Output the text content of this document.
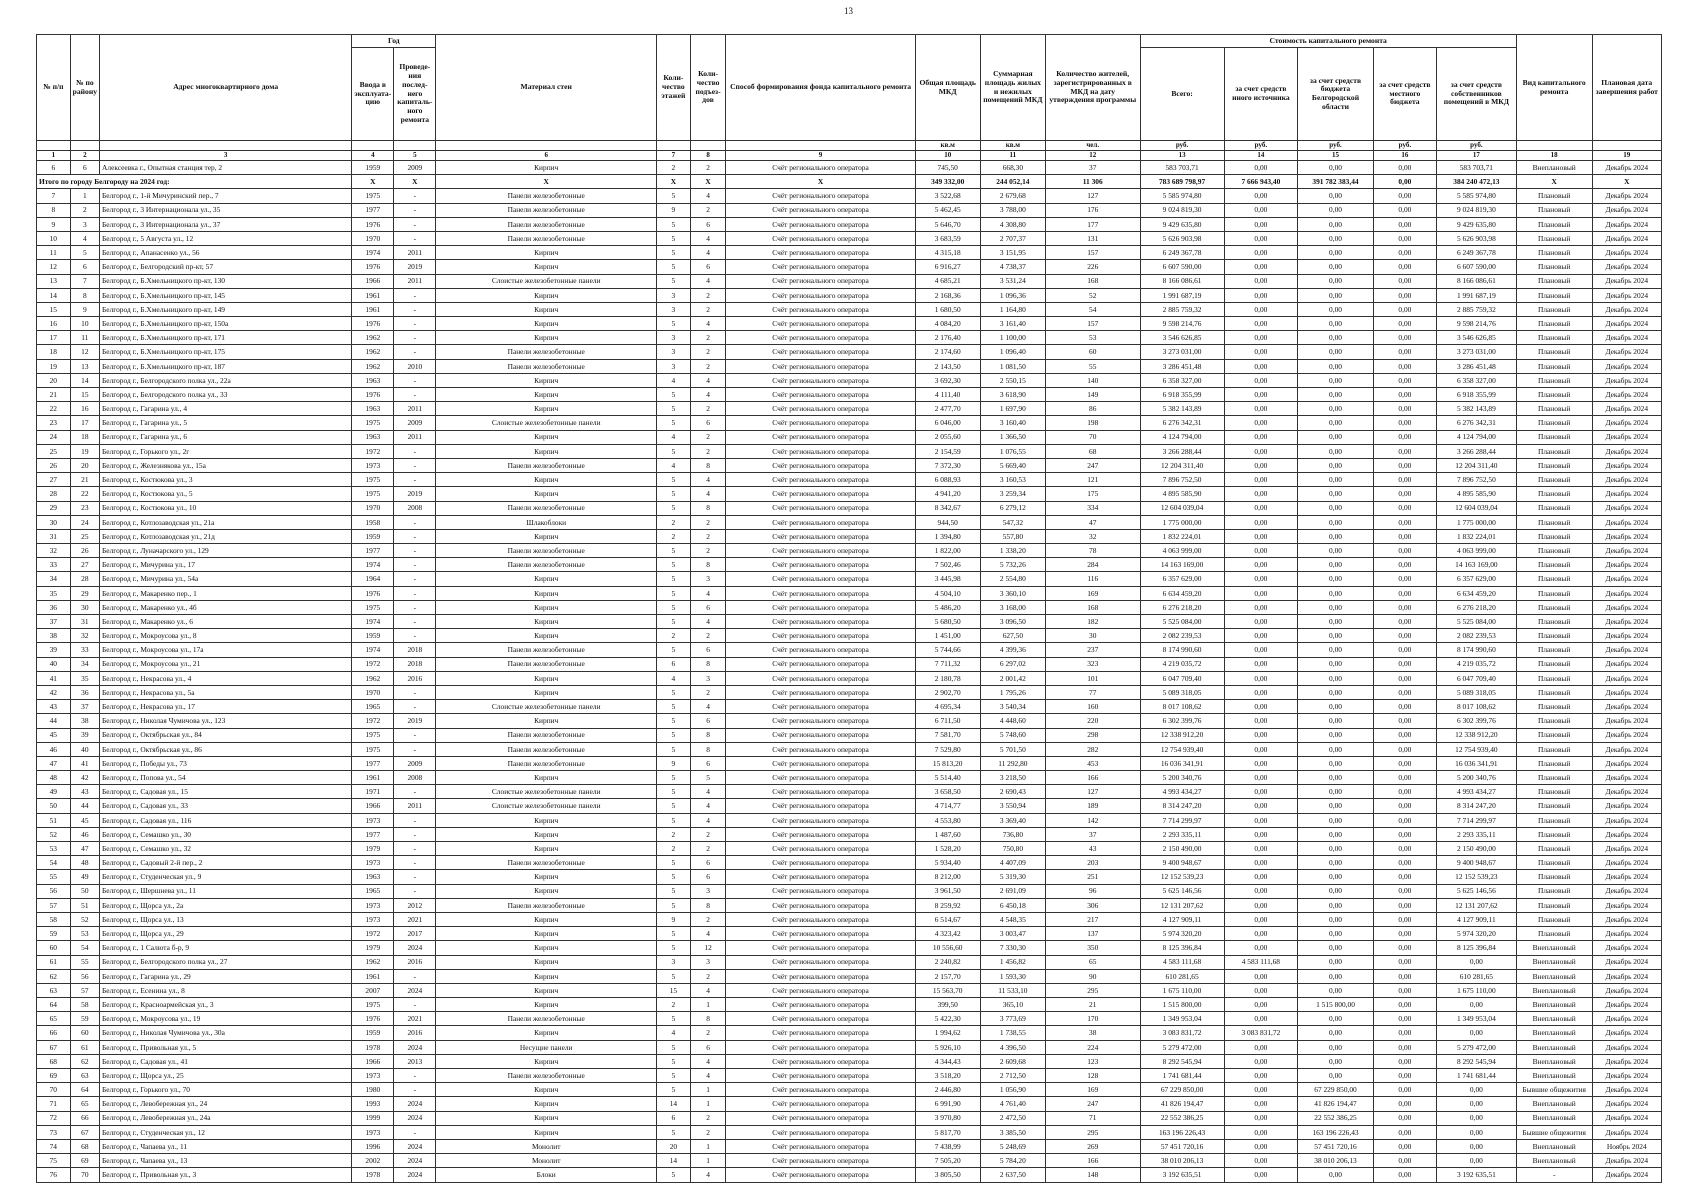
13
№ п/п	№ по району	Адрес многоквартирного дома	Год		Материал стен	Коли-чество этажей	Коли-чество подъез-дов	Способ формирования фонда капитального ремонта	Общая площадь МКД	Суммарная площадь жилых и нежилых помещений МКД	Количество жителей, зарегистрированных в МКД на дату утверждения программы	Стоимость капитального ремонта					Вид капитального ремонта	Плановая дата завершения работ
			Ввода в эксплуата-цию	Проведе-ния послед-него капиталь-ного ремонта								Всего:	за счет средств иного источника	за счет средств бюджета Белгородской области	за счет средств местного бюджета	за счет средств собственников помещений в МКД		
									кв.м	кв.м	чел.	руб.	руб.	руб.	руб.	руб.		
1	2	3	4	5	6	7	8	9	10	11	12	13	14	15	16	17	18	19
6	6	Алексеевка г., Опытная станция тер, 2	1959	2009	Кирпич	2	2	Счёт регионального оператора	745,50	668,30	37	583 703,71	0,00	0,00	0,00	583 703,71	Внеплановый	Декабрь 2024
Итого по городу Белгороду на 2024 год:			X	X	X	X	X	X	349 332,00	244 052,14	11 306	783 689 798,97	7 666 943,40	391 782 383,44	0,00	384 240 472,13	X	X
7	1	Белгород г., 1-й Мичуринский пер., 7	1975	-	Панели железобетонные	5	4	Счёт регионального оператора	3 522,68	2 679,68	127	5 585 974,80	0,00	0,00	0,00	5 585 974,80	Плановый	Декабрь 2024
8	2	Белгород г., 3 Интернационала ул., 35	1977	-	Панели железобетонные	9	2	Счёт регионального оператора	5 462,45	3 788,00	176	9 024 819,30	0,00	0,00	0,00	9 024 819,30	Плановый	Декабрь 2024
9	3	Белгород г., 3 Интернационала ул., 37	1976	-	Панели железобетонные	5	6	Счёт регионального оператора	5 646,70	4 308,80	177	9 429 635,80	0,00	0,00	0,00	9 429 635,80	Плановый	Декабрь 2024
10	4	Белгород г., 5 Августа ул., 12	1970	-	Панели железобетонные	5	4	Счёт регионального оператора	3 683,59	2 707,37	131	5 626 903,98	0,00	0,00	0,00	5 626 903,98	Плановый	Декабрь 2024
11	5	Белгород г., Апанасенко ул., 56	1974	2011	Кирпич	5	4	Счёт регионального оператора	4 315,18	3 151,95	157	6 249 367,78	0,00	0,00	0,00	6 249 367,78	Плановый	Декабрь 2024
12	6	Белгород г., Белгородский пр-кт, 57	1976	2019	Кирпич	5	6	Счёт регионального оператора	6 916,27	4 738,37	226	6 607 590,00	0,00	0,00	0,00	6 607 590,00	Плановый	Декабрь 2024
13	7	Белгород г., Б.Хмельницкого пр-кт, 130	1966	2011	Слоистые железобетонные панели	5	4	Счёт регионального оператора	4 685,21	3 531,24	168	8 166 086,61	0,00	0,00	0,00	8 166 086,61	Плановый	Декабрь 2024
14	8	Белгород г., Б.Хмельницкого пр-кт, 145	1961	-	Кирпич	3	2	Счёт регионального оператора	2 168,36	1 096,36	52	1 991 687,19	0,00	0,00	0,00	1 991 687,19	Плановый	Декабрь 2024
15	9	Белгород г., Б.Хмельницкого пр-кт, 149	1961	-	Кирпич	3	2	Счёт регионального оператора	1 680,50	1 164,80	54	2 885 759,32	0,00	0,00	0,00	2 885 759,32	Плановый	Декабрь 2024
16	10	Белгород г., Б.Хмельницкого пр-кт, 150а	1976	-	Кирпич	5	4	Счёт регионального оператора	4 084,20	3 161,40	157	9 598 214,76	0,00	0,00	0,00	9 598 214,76	Плановый	Декабрь 2024
17	11	Белгород г., Б.Хмельницкого пр-кт, 171	1962	-	Кирпич	3	2	Счёт регионального оператора	2 176,40	1 100,00	53	3 546 626,85	0,00	0,00	0,00	3 546 626,85	Плановый	Декабрь 2024
18	12	Белгород г., Б.Хмельницкого пр-кт, 175	1962	-	Панели железобетонные	3	2	Счёт регионального оператора	2 174,60	1 096,40	60	3 273 031,00	0,00	0,00	0,00	3 273 031,00	Плановый	Декабрь 2024
19	13	Белгород г., Б.Хмельницкого пр-кт, 187	1962	2010	Панели железобетонные	3	2	Счёт регионального оператора	2 143,50	1 081,50	55	3 286 451,48	0,00	0,00	0,00	3 286 451,48	Плановый	Декабрь 2024
20	14	Белгород г., Белгородского полка ул., 22а	1963	-	Кирпич	4	4	Счёт регионального оператора	3 692,30	2 550,15	140	6 358 327,00	0,00	0,00	0,00	6 358 327,00	Плановый	Декабрь 2024
21	15	Белгород г., Белгородского полка ул., 33	1976	-	Кирпич	5	4	Счёт регионального оператора	4 111,40	3 618,90	149	6 918 355,99	0,00	0,00	0,00	6 918 355,99	Плановый	Декабрь 2024
22	16	Белгород г., Гагарина ул., 4	1963	2011	Кирпич	5	2	Счёт регионального оператора	2 477,70	1 697,90	86	5 382 143,89	0,00	0,00	0,00	5 382 143,89	Плановый	Декабрь 2024
23	17	Белгород г., Гагарина ул., 5	1975	2009	Слоистые железобетонные панели	5	6	Счёт регионального оператора	6 046,00	3 160,40	198	6 276 342,31	0,00	0,00	0,00	6 276 342,31	Плановый	Декабрь 2024
24	18	Белгород г., Гагарина ул., 6	1963	2011	Кирпич	4	2	Счёт регионального оператора	2 055,60	1 366,50	70	4 124 794,00	0,00	0,00	0,00	4 124 794,00	Плановый	Декабрь 2024
25	19	Белгород г., Горького ул., 2г	1972	-	Кирпич	5	2	Счёт регионального оператора	2 154,59	1 076,55	68	3 266 288,44	0,00	0,00	0,00	3 266 288,44	Плановый	Декабрь 2024
26	20	Белгород г., Железнякова ул., 15а	1973	-	Панели железобетонные	4	8	Счёт регионального оператора	7 372,30	5 669,40	247	12 204 311,40	0,00	0,00	0,00	12 204 311,40	Плановый	Декабрь 2024
27	21	Белгород г., Костюкова ул., 3	1975	-	Кирпич	5	4	Счёт регионального оператора	6 088,93	3 160,53	121	7 896 752,50	0,00	0,00	0,00	7 896 752,50	Плановый	Декабрь 2024
28	22	Белгород г., Костюкова ул., 5	1975	2019	Кирпич	5	4	Счёт регионального оператора	4 941,20	3 259,34	175	4 895 585,90	0,00	0,00	0,00	4 895 585,90	Плановый	Декабрь 2024
29	23	Белгород г., Костюкова ул., 10	1970	2008	Панели железобетонные	5	8	Счёт регионального оператора	8 342,67	6 279,12	334	12 604 039,04	0,00	0,00	0,00	12 604 039,04	Плановый	Декабрь 2024
30	24	Белгород г., Котлозаводская ул., 21а	1958	-	Шлакоблоки	2	2	Счёт регионального оператора	944,50	547,32	47	1 775 000,00	0,00	0,00	0,00	1 775 000,00	Плановый	Декабрь 2024
31	25	Белгород г., Котлозаводская ул., 21д	1959	-	Кирпич	2	2	Счёт регионального оператора	1 394,80	557,80	32	1 832 224,01	0,00	0,00	0,00	1 832 224,01	Плановый	Декабрь 2024
32	26	Белгород г., Луначарского ул., 129	1977	-	Панели железобетонные	5	2	Счёт регионального оператора	1 822,00	1 338,20	78	4 063 999,00	0,00	0,00	0,00	4 063 999,00	Плановый	Декабрь 2024
33	27	Белгород г., Мичурина ул., 17	1974	-	Панели железобетонные	5	8	Счёт регионального оператора	7 502,46	5 732,26	284	14 163 169,00	0,00	0,00	0,00	14 163 169,00	Плановый	Декабрь 2024
34	28	Белгород г., Мичурина ул., 54а	1964	-	Кирпич	5	3	Счёт регионального оператора	3 445,98	2 554,80	116	6 357 629,00	0,00	0,00	0,00	6 357 629,00	Плановый	Декабрь 2024
35	29	Белгород г., Макаренко пер., 1	1976	-	Кирпич	5	4	Счёт регионального оператора	4 504,10	3 360,10	169	6 634 459,20	0,00	0,00	0,00	6 634 459,20	Плановый	Декабрь 2024
36	30	Белгород г., Макаренко ул., 4б	1975	-	Кирпич	5	6	Счёт регионального оператора	5 486,20	3 168,00	168	6 276 218,20	0,00	0,00	0,00	6 276 218,20	Плановый	Декабрь 2024
37	31	Белгород г., Макаренко ул., 6	1974	-	Кирпич	5	4	Счёт регионального оператора	5 680,50	3 096,50	182	5 525 084,00	0,00	0,00	0,00	5 525 084,00	Плановый	Декабрь 2024
38	32	Белгород г., Мокроусова ул., 8	1959	-	Кирпич	2	2	Счёт регионального оператора	1 451,00	627,50	30	2 082 239,53	0,00	0,00	0,00	2 082 239,53	Плановый	Декабрь 2024
39	33	Белгород г., Мокроусова ул., 17а	1974	2018	Панели железобетонные	5	6	Счёт регионального оператора	5 744,66	4 399,36	237	8 174 990,60	0,00	0,00	0,00	8 174 990,60	Плановый	Декабрь 2024
40	34	Белгород г., Мокроусова ул., 21	1972	2018	Панели железобетонные	6	8	Счёт регионального оператора	7 711,32	6 297,02	323	4 219 035,72	0,00	0,00	0,00	4 219 035,72	Плановый	Декабрь 2024
41	35	Белгород г., Некрасова ул., 4	1962	2016	Кирпич	4	3	Счёт регионального оператора	2 180,78	2 001,42	101	6 047 709,40	0,00	0,00	0,00	6 047 709,40	Плановый	Декабрь 2024
42	36	Белгород г., Некрасова ул., 5а	1970	-	Кирпич	5	2	Счёт регионального оператора	2 902,70	1 795,26	77	5 089 318,05	0,00	0,00	0,00	5 089 318,05	Плановый	Декабрь 2024
43	37	Белгород г., Некрасова ул., 17	1965	-	Слоистые железобетонные панели	5	4	Счёт регионального оператора	4 695,34	3 540,34	160	8 017 108,62	0,00	0,00	0,00	8 017 108,62	Плановый	Декабрь 2024
44	38	Белгород г., Николая Чумичова ул., 123	1972	2019	Кирпич	5	6	Счёт регионального оператора	6 711,50	4 448,60	220	6 302 399,76	0,00	0,00	0,00	6 302 399,76	Плановый	Декабрь 2024
45	39	Белгород г., Октябрьская ул., 84	1975	-	Панели железобетонные	5	8	Счёт регионального оператора	7 581,70	5 748,60	298	12 338 912,20	0,00	0,00	0,00	12 338 912,20	Плановый	Декабрь 2024
46	40	Белгород г., Октябрьская ул., 86	1975	-	Панели железобетонные	5	8	Счёт регионального оператора	7 529,80	5 701,50	282	12 754 939,40	0,00	0,00	0,00	12 754 939,40	Плановый	Декабрь 2024
47	41	Белгород г., Победы ул., 73	1977	2009	Панели железобетонные	9	6	Счёт регионального оператора	15 813,20	11 292,80	453	16 036 341,91	0,00	0,00	0,00	16 036 341,91	Плановый	Декабрь 2024
48	42	Белгород г., Попова ул., 54	1961	2008	Кирпич	5	5	Счёт регионального оператора	5 514,40	3 218,50	166	5 200 340,76	0,00	0,00	0,00	5 200 340,76	Плановый	Декабрь 2024
49	43	Белгород г., Садовая ул., 15	1971	-	Слоистые железобетонные панели	5	4	Счёт регионального оператора	3 658,50	2 690,43	127	4 993 434,27	0,00	0,00	0,00	4 993 434,27	Плановый	Декабрь 2024
50	44	Белгород г., Садовая ул., 33	1966	2011	Слоистые железобетонные панели	5	4	Счёт регионального оператора	4 714,77	3 550,94	189	8 314 247,20	0,00	0,00	0,00	8 314 247,20	Плановый	Декабрь 2024
51	45	Белгород г., Садовая ул., 116	1973	-	Кирпич	5	4	Счёт регионального оператора	4 553,80	3 369,40	142	7 714 299,97	0,00	0,00	0,00	7 714 299,97	Плановый	Декабрь 2024
52	46	Белгород г., Семашко ул., 30	1977	-	Кирпич	2	2	Счёт регионального оператора	1 487,60	736,80	37	2 293 335,11	0,00	0,00	0,00	2 293 335,11	Плановый	Декабрь 2024
53	47	Белгород г., Семашко ул., 32	1979	-	Кирпич	2	2	Счёт регионального оператора	1 528,20	750,80	43	2 150 490,00	0,00	0,00	0,00	2 150 490,00	Плановый	Декабрь 2024
54	48	Белгород г., Садовый 2-й пер., 2	1973	-	Панели железобетонные	5	6	Счёт регионального оператора	5 934,40	4 407,09	203	9 400 948,67	0,00	0,00	0,00	9 400 948,67	Плановый	Декабрь 2024
55	49	Белгород г., Студенческая ул., 9	1963	-	Кирпич	5	6	Счёт регионального оператора	8 212,00	5 319,30	251	12 152 539,23	0,00	0,00	0,00	12 152 539,23	Плановый	Декабрь 2024
56	50	Белгород г., Шершнева ул., 11	1965	-	Кирпич	5	3	Счёт регионального оператора	3 961,50	2 691,09	96	5 625 146,56	0,00	0,00	0,00	5 625 146,56	Плановый	Декабрь 2024
57	51	Белгород г., Щорса ул., 2а	1973	2012	Панели железобетонные	5	8	Счёт регионального оператора	8 259,92	6 450,18	306	12 131 207,62	0,00	0,00	0,00	12 131 207,62	Плановый	Декабрь 2024
58	52	Белгород г., Щорса ул., 13	1973	2021	Кирпич	9	2	Счёт регионального оператора	6 514,67	4 548,35	217	4 127 909,11	0,00	0,00	0,00	4 127 909,11	Плановый	Декабрь 2024
59	53	Белгород г., Щорса ул., 29	1972	2017	Кирпич	5	4	Счёт регионального оператора	4 323,42	3 003,47	137	5 974 320,20	0,00	0,00	0,00	5 974 320,20	Плановый	Декабрь 2024
60	54	Белгород г., 1 Салюта б-р, 9	1979	2024	Кирпич	5	12	Счёт регионального оператора	10 556,60	7 330,30	350	8 125 396,84	0,00	0,00	0,00	8 125 396,84	Внеплановый	Декабрь 2024
61	55	Белгород г., Белгородского полка ул., 27	1962	2016	Кирпич	3	3	Счёт регионального оператора	2 240,82	1 456,82	65	4 583 111,68	4 583 111,68	0,00	0,00	0,00	Внеплановый	Декабрь 2024
62	56	Белгород г., Гагарина ул., 29	1961	-	Кирпич	5	2	Счёт регионального оператора	2 157,70	1 593,30	90	610 281,65	0,00	0,00	0,00	610 281,65	Внеплановый	Декабрь 2024
63	57	Белгород г., Есенина ул., 8	2007	2024	Кирпич	15	4	Счёт регионального оператора	15 563,70	11 533,10	295	1 675 110,00	0,00	0,00	0,00	1 675 110,00	Внеплановый	Декабрь 2024
64	58	Белгород г., Красноармейская ул., 3	1975	-	Кирпич	2	1	Счёт регионального оператора	399,50	365,10	21	1 515 800,00	0,00	1 515 800,00	0,00	0,00	Внеплановый	Декабрь 2024
65	59	Белгород г., Мокроусова ул., 19	1976	2021	Панели железобетонные	5	8	Счёт регионального оператора	5 422,30	3 773,69	170	1 349 953,04	0,00	0,00	0,00	1 349 953,04	Внеплановый	Декабрь 2024
66	60	Белгород г., Николая Чумичова ул., 30а	1959	2016	Кирпич	4	2	Счёт регионального оператора	1 994,62	1 738,55	38	3 083 831,72	3 083 831,72	0,00	0,00	0,00	Внеплановый	Декабрь 2024
67	61	Белгород г., Привольная ул., 5	1978	2024	Несущие панели	5	6	Счёт регионального оператора	5 926,10	4 396,50	224	5 279 472,00	0,00	0,00	0,00	5 279 472,00	Внеплановый	Декабрь 2024
68	62	Белгород г., Садовая ул., 41	1966	2013	Кирпич	5	4	Счёт регионального оператора	4 344,43	2 609,68	123	8 292 545,94	0,00	0,00	0,00	8 292 545,94	Внеплановый	Декабрь 2024
69	63	Белгород г., Щорса ул., 25	1973	-	Панели железобетонные	5	4	Счёт регионального оператора	3 518,20	2 712,50	128	1 741 681,44	0,00	0,00	0,00	1 741 681,44	Внеплановый	Декабрь 2024
70	64	Белгород г., Горького ул., 70	1980	-	Кирпич	5	1	Счёт регионального оператора	2 446,80	1 056,90	169	67 229 850,00	0,00	67 229 850,00	0,00	0,00	Бывшие общежития	Декабрь 2024
71	65	Белгород г., Левобережная ул., 24	1993	2024	Кирпич	14	1	Счёт регионального оператора	6 991,90	4 761,40	247	41 826 194,47	0,00	41 826 194,47	0,00	0,00	Внеплановый	Декабрь 2024
72	66	Белгород г., Левобережная ул., 24а	1999	2024	Кирпич	6	2	Счёт регионального оператора	3 970,80	2 472,50	71	22 552 386,25	0,00	22 552 386,25	0,00	0,00	Внеплановый	Декабрь 2024
73	67	Белгород г., Студенческая ул., 12	1973	-	Кирпич	5	2	Счёт регионального оператора	5 817,70	3 385,50	295	163 196 226,43	0,00	163 196 226,43	0,00	0,00	Бывшие общежития	Декабрь 2024
74	68	Белгород г., Чапаева ул., 11	1996	2024	Монолит	20	1	Счёт регионального оператора	7 438,99	5 248,69	269	57 451 720,16	0,00	57 451 720,16	0,00	0,00	Внеплановый	Ноябрь 2024
75	69	Белгород г., Чапаева ул., 13	2002	2024	Монолит	14	1	Счёт регионального оператора	7 505,20	5 784,20	166	38 010 206,13	0,00	38 010 206,13	0,00	0,00	Внеплановый	Декабрь 2024
76	70	Белгород г., Привольная ул., 3	1978	2024	Блоки	5	4	Счёт регионального оператора	3 805,50	2 637,50	148	3 192 635,51	0,00	0,00	0,00	3 192 635,51	-	Декабрь 2024
